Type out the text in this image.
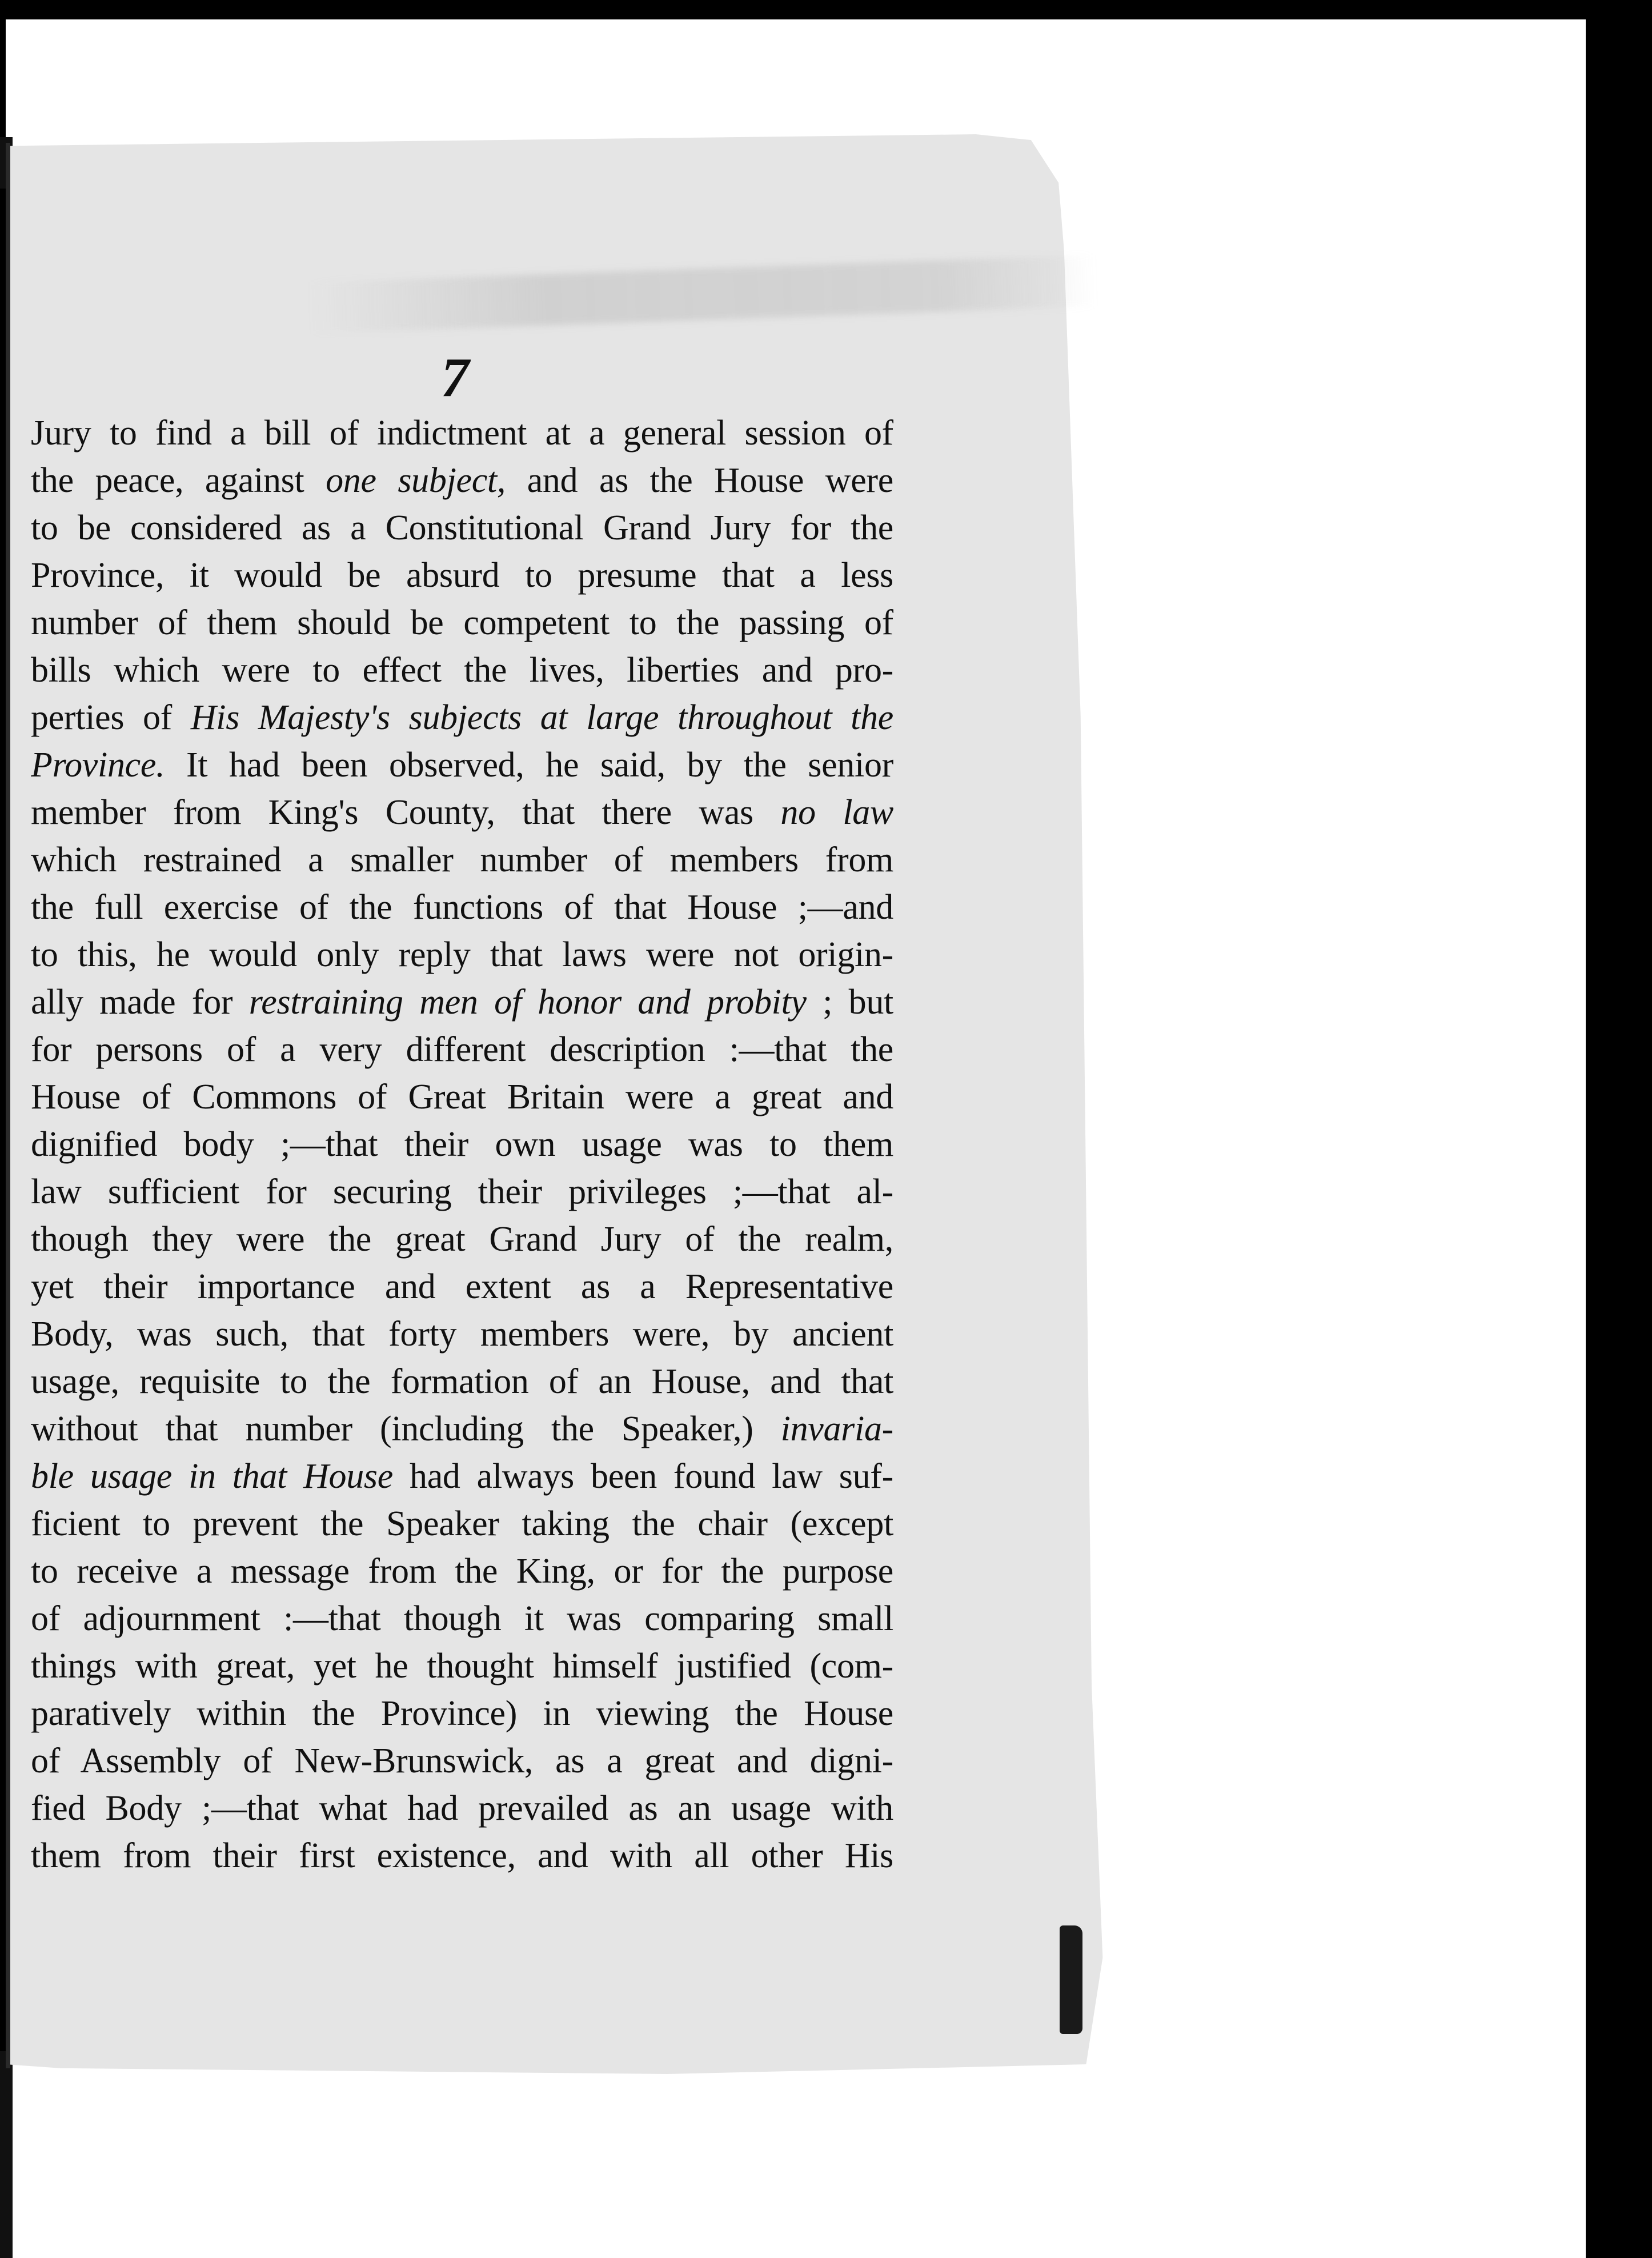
7
Jury to find a bill of indictment at a general session of
the peace, against one subject, and as the House were
to be considered as a Constitutional Grand Jury for the
Province, it would be absurd to presume that a less
number of them should be competent to the passing of
bills which were to effect the lives, liberties and pro-
perties of His Majesty's subjects at large throughout the
Province. It had been observed, he said, by the senior
member from King's County, that there was no law
which restrained a smaller number of members from
the full exercise of the functions of that House ;—and
to this, he would only reply that laws were not origin-
ally made for restraining men of honor and probity ; but
for persons of a very different description :—that the
House of Commons of Great Britain were a great and
dignified body ;—that their own usage was to them
law sufficient for securing their privileges ;—that al-
though they were the great Grand Jury of the realm,
yet their importance and extent as a Representative
Body, was such, that forty members were, by ancient
usage, requisite to the formation of an House, and that
without that number (including the Speaker,) invaria-
ble usage in that House had always been found law suf-
ficient to prevent the Speaker taking the chair (except
to receive a message from the King, or for the purpose
of adjournment :—that though it was comparing small
things with great, yet he thought himself justified (com-
paratively within the Province) in viewing the House
of Assembly of New-Brunswick, as a great and digni-
fied Body ;—that what had prevailed as an usage with
them from their first existence, and with all other His
